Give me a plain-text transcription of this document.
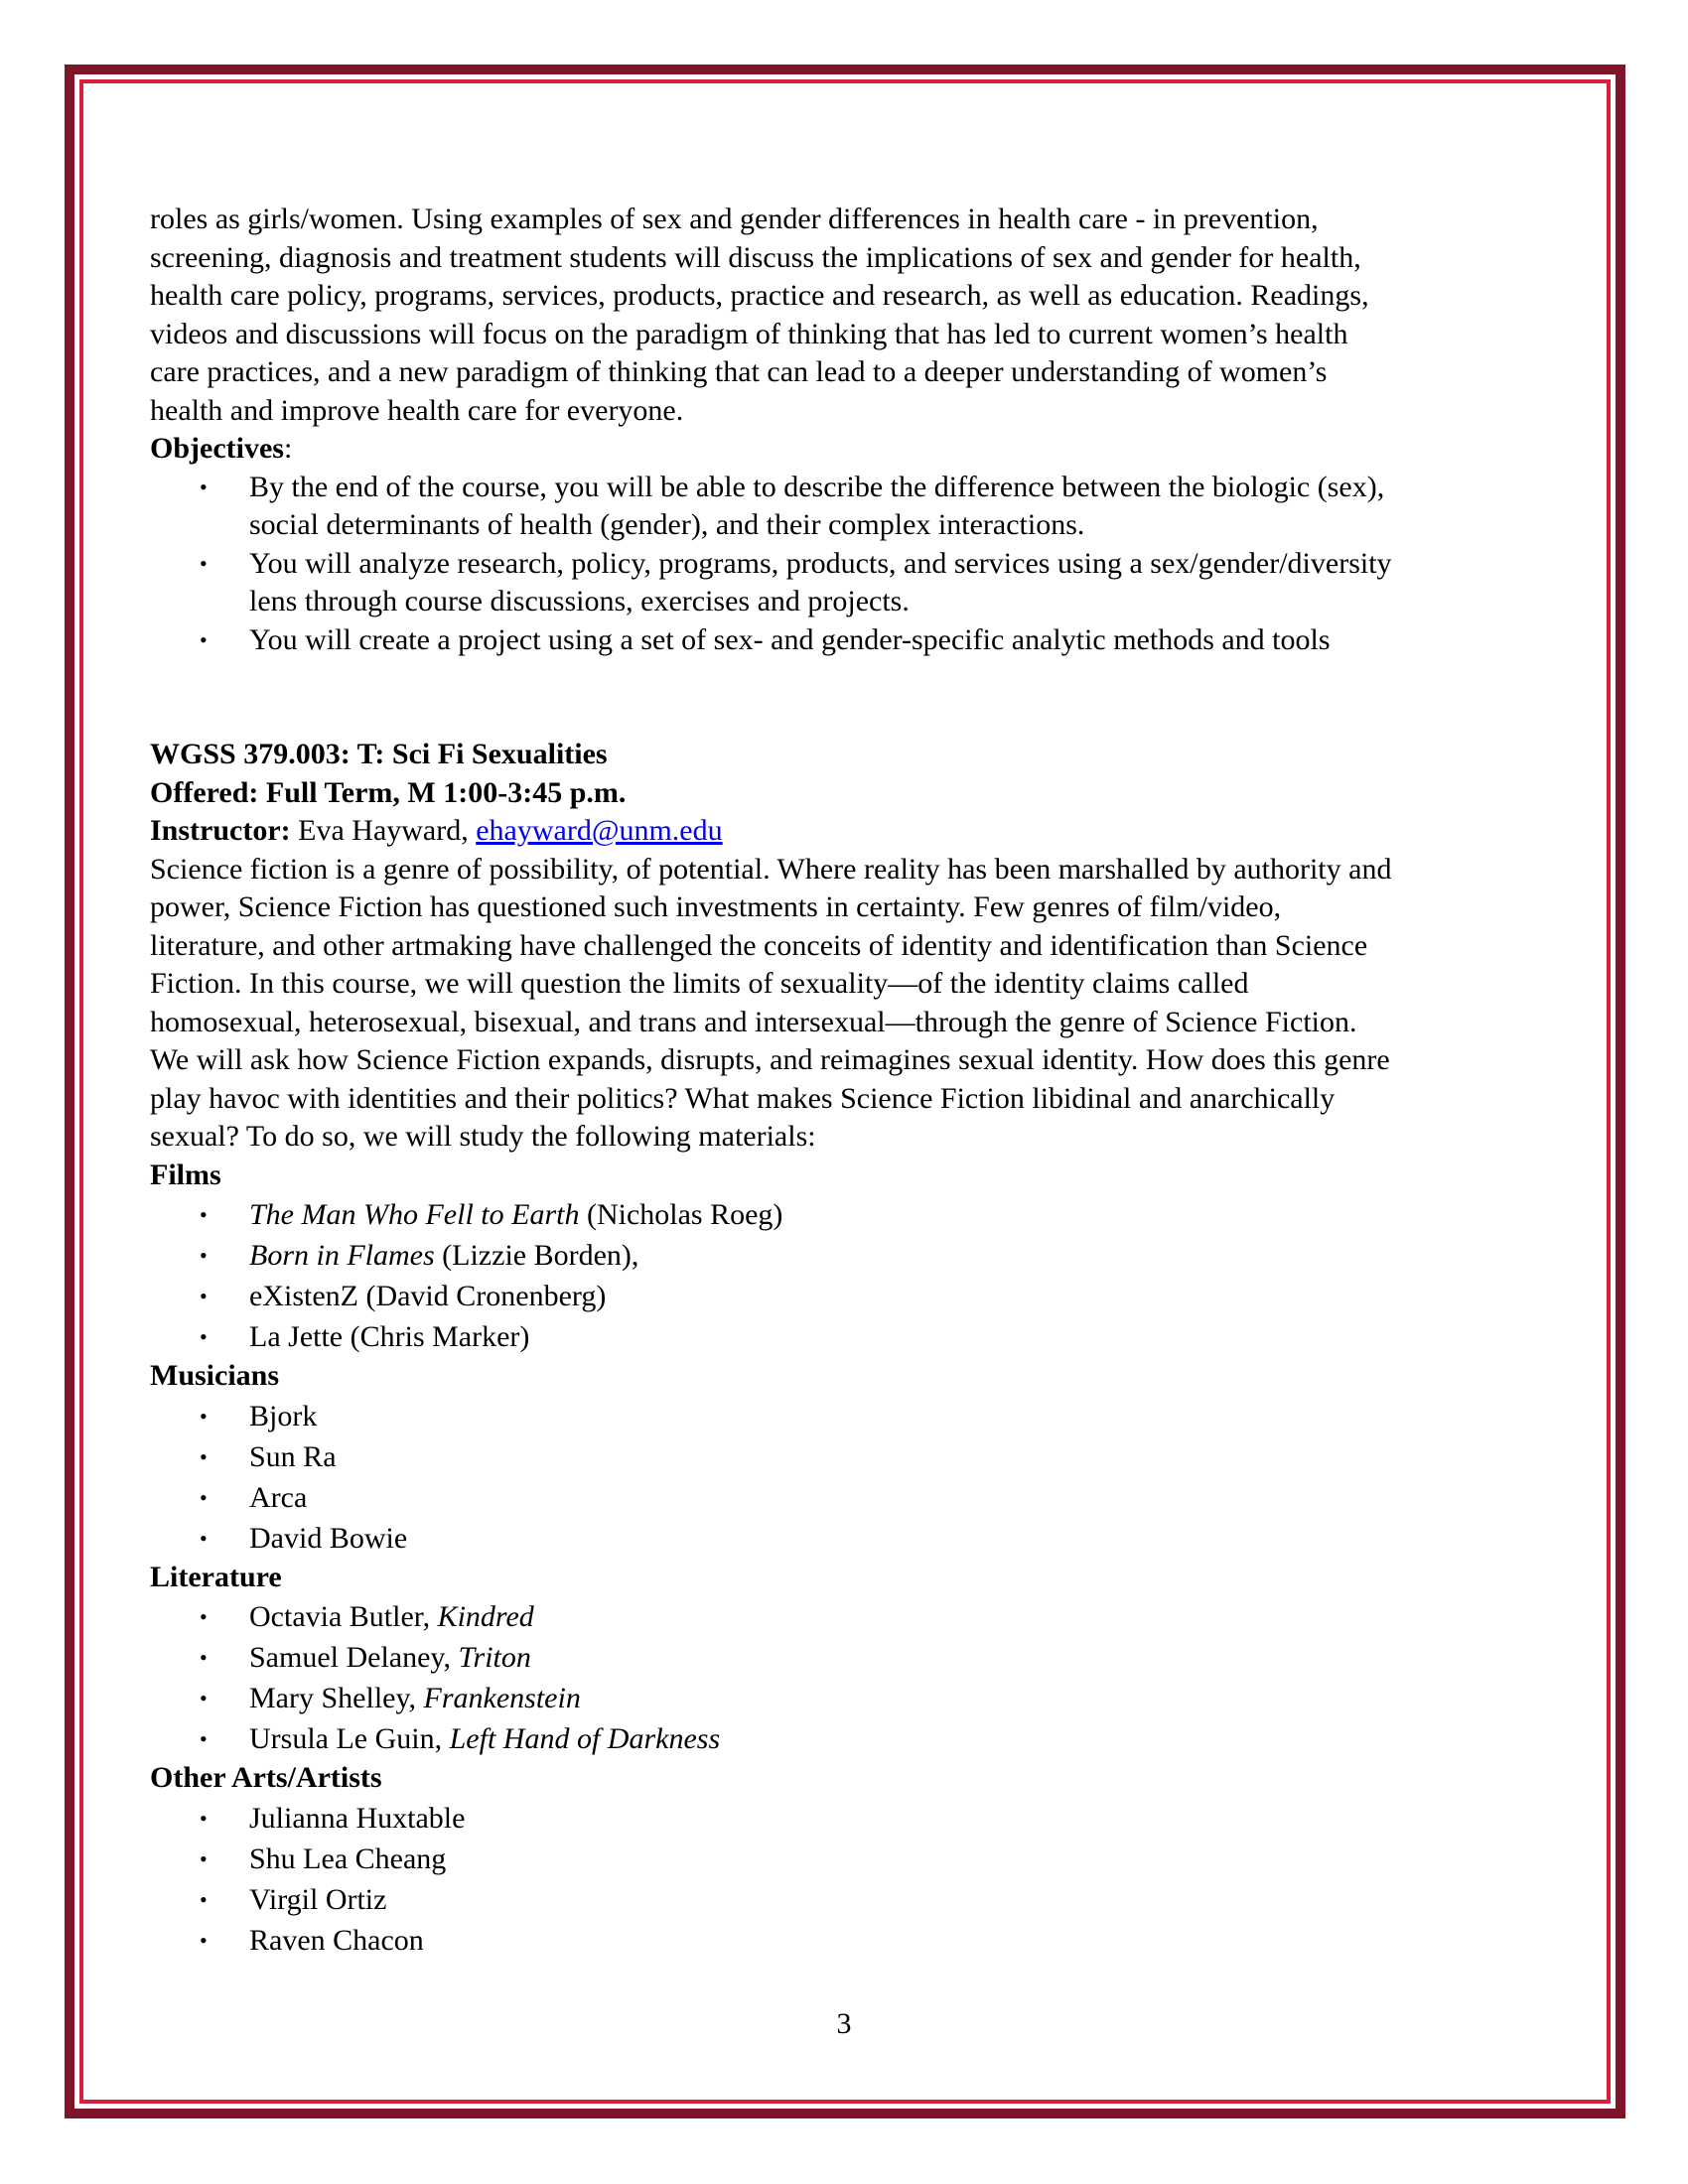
roles as girls/women. Using examples of sex and gender differences in health care - in prevention,

screening, diagnosis and treatment students will discuss the implications of sex and gender for health,

health care policy, programs, services, products, practice and research, as well as education. Readings,

videos and discussions will focus on the paradigm of thinking that has led to current women’s health

care practices, and a new paradigm of thinking that can lead to a deeper understanding of women’s

health and improve health care for everyone.

Objectives:

• By the end of the course, you will be able to describe the difference between the biologic (sex),
social determinants of health (gender), and their complex interactions.
• You will analyze research, policy, programs, products, and services using a sex/gender/diversity
lens through course discussions, exercises and projects.
• You will create a project using a set of sex- and gender-specific analytic methods and tools

WGSS 379.003: T: Sci Fi Sexualities

Offered: Full Term, M 1:00-3:45 p.m.

Instructor: Eva Hayward, ehayward@unm.edu

Science fiction is a genre of possibility, of potential. Where reality has been marshalled by authority and

power, Science Fiction has questioned such investments in certainty. Few genres of film/video,

literature, and other artmaking have challenged the conceits of identity and identification than Science

Fiction. In this course, we will question the limits of sexuality—of the identity claims called

homosexual, heterosexual, bisexual, and trans and intersexual—through the genre of Science Fiction.

We will ask how Science Fiction expands, disrupts, and reimagines sexual identity. How does this genre

play havoc with identities and their politics? What makes Science Fiction libidinal and anarchically

sexual? To do so, we will study the following materials:

Films

• The Man Who Fell to Earth (Nicholas Roeg)
• Born in Flames (Lizzie Borden),
• eXistenZ (David Cronenberg)
• La Jette (Chris Marker)

Musicians

• Bjork
• Sun Ra
• Arca
• David Bowie

Literature

• Octavia Butler, Kindred
• Samuel Delaney, Triton
• Mary Shelley, Frankenstein
• Ursula Le Guin, Left Hand of Darkness

Other Arts/Artists

• Julianna Huxtable
• Shu Lea Cheang
• Virgil Ortiz
• Raven Chacon
3
